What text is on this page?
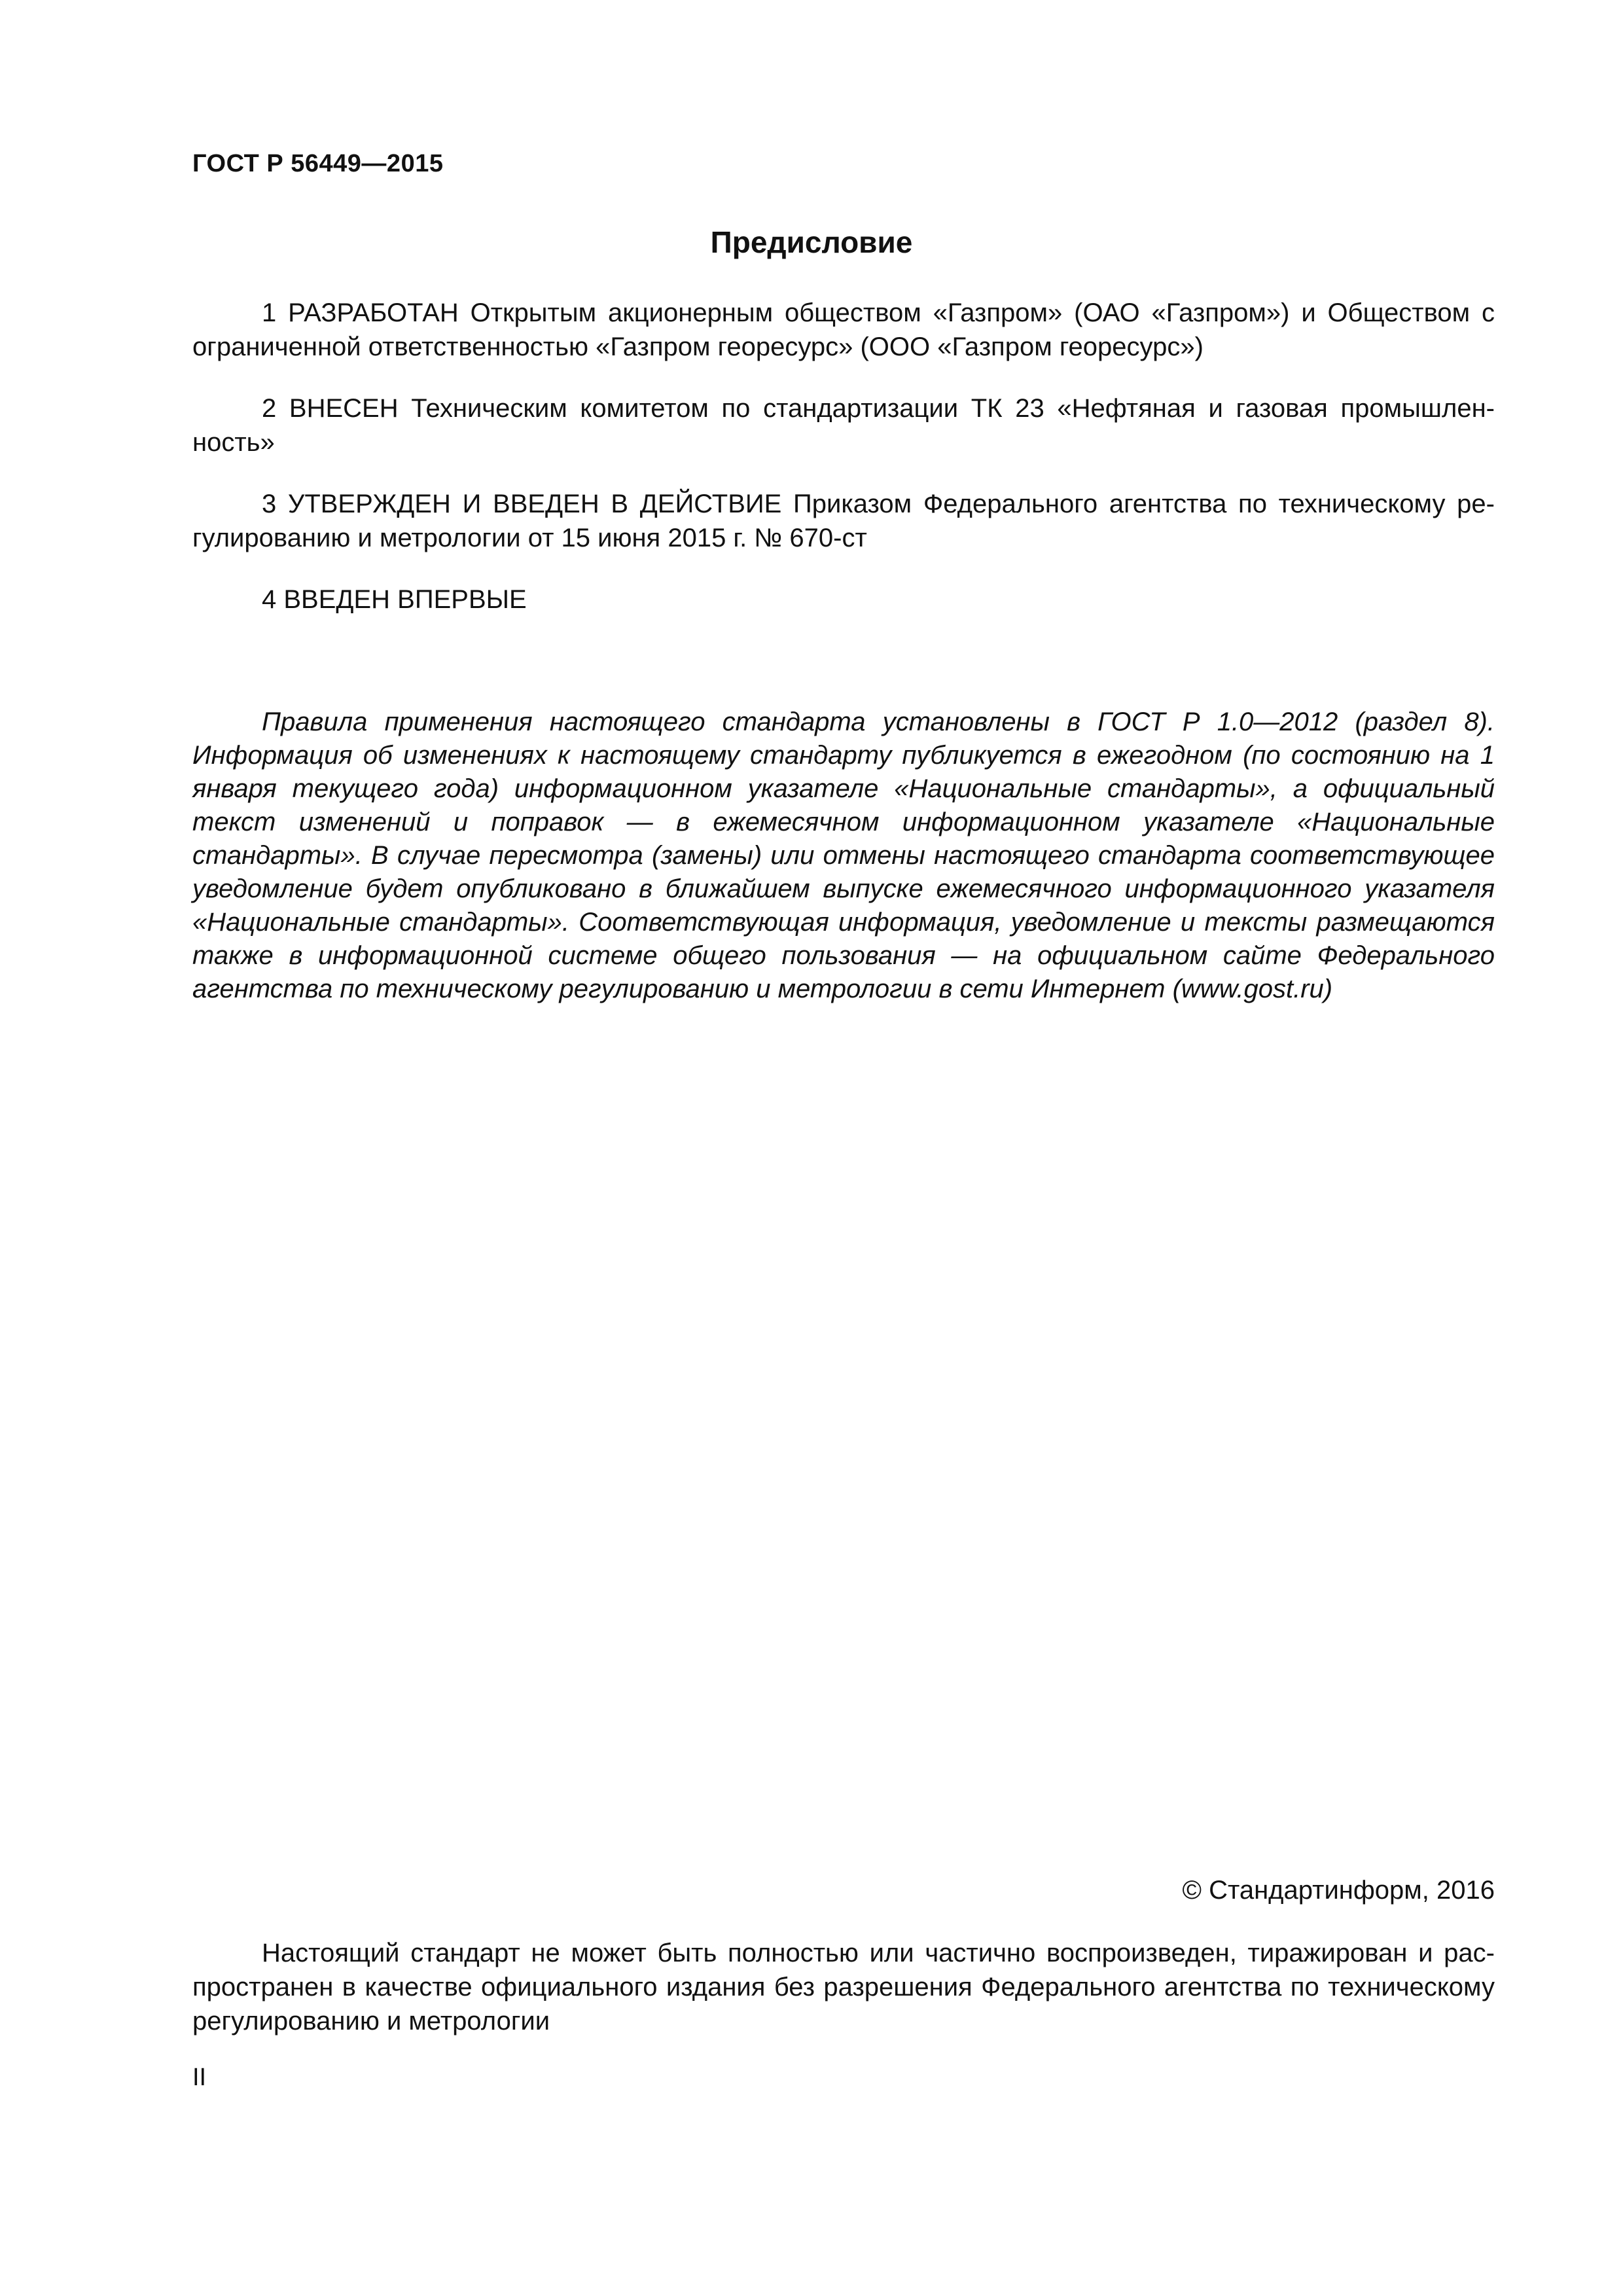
ГОСТ Р 56449—2015
Предисловие

1 РАЗРАБОТАН Открытым акционерным обществом «Газпром» (ОАО «Газпром») и Обществом с ограниченной ответственностью «Газпром георесурс» (ООО «Газпром георесурс»)

2 ВНЕСЕН Техническим комитетом по стандартизации ТК 23 «Нефтяная и газовая промышленность»

3 УТВЕРЖДЕН И ВВЕДЕН В ДЕЙСТВИЕ Приказом Федерального агентства по техническому регулированию и метрологии от 15 июня 2015 г. № 670-ст

4 ВВЕДЕН ВПЕРВЫЕ

Правила применения настоящего стандарта установлены в ГОСТ Р 1.0—2012 (раздел 8). Информация об изменениях к настоящему стандарту публикуется в ежегодном (по состоянию на 1 января текущего года) информационном указателе «Национальные стандарты», а официальный текст изменений и поправок — в ежемесячном информационном указателе «Национальные стандарты». В случае пересмотра (замены) или отмены настоящего стандарта соответствующее уведомление будет опубликовано в ближайшем выпуске ежемесячного информационного указателя «Национальные стандарты». Соответствующая информация, уведомление и тексты размещаются также в информационной системе общего пользования — на официальном сайте Федерального агентства по техническому регулированию и метрологии в сети Интернет (www.gost.ru)

© Стандартинформ, 2016

Настоящий стандарт не может быть полностью или частично воспроизведен, тиражирован и распространен в качестве официального издания без разрешения Федерального агентства по техническому регулированию и метрологии

II
